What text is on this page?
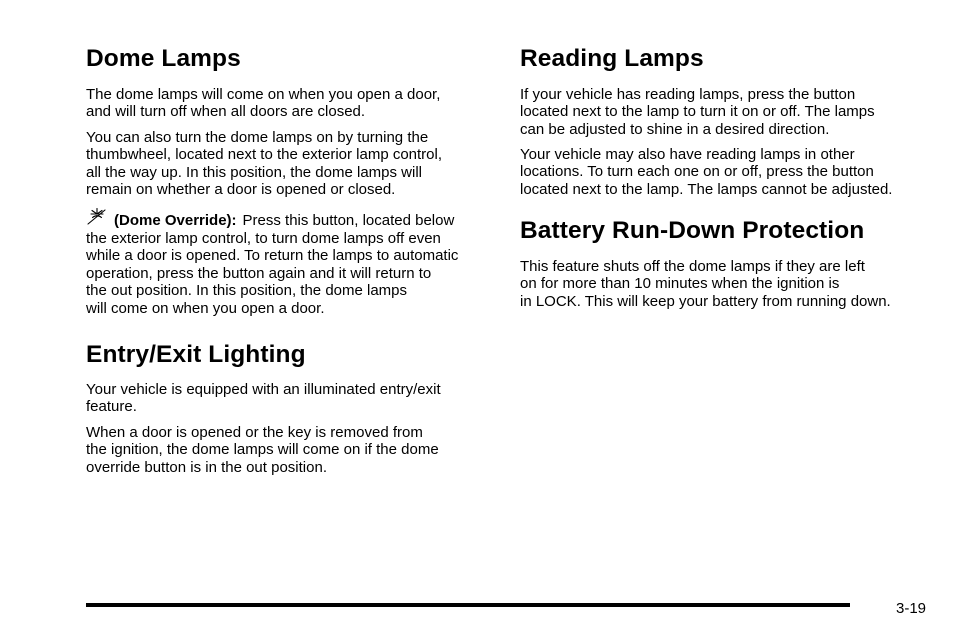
Dome Lamps

The dome lamps will come on when you open a door,
and will turn off when all doors are closed.

You can also turn the dome lamps on by turning the
thumbwheel, located next to the exterior lamp control,
all the way up. In this position, the dome lamps will
remain on whether a door is opened or closed.

(Dome Override): Press this button, located below

the exterior lamp control, to turn dome lamps off even
while a door is opened. To return the lamps to automatic
operation, press the button again and it will return to
the out position. In this position, the dome lamps
will come on when you open a door.

Entry/Exit Lighting

Your vehicle is equipped with an illuminated entry/exit
feature.

When a door is opened or the key is removed from
the ignition, the dome lamps will come on if the dome
override button is in the out position.

Reading Lamps

If your vehicle has reading lamps, press the button
located next to the lamp to turn it on or off. The lamps
can be adjusted to shine in a desired direction.

Your vehicle may also have reading lamps in other
locations. To turn each one on or off, press the button
located next to the lamp. The lamps cannot be adjusted.

Battery Run-Down Protection

This feature shuts off the dome lamps if they are left
on for more than 10 minutes when the ignition is
in LOCK. This will keep your battery from running down.

3-19
